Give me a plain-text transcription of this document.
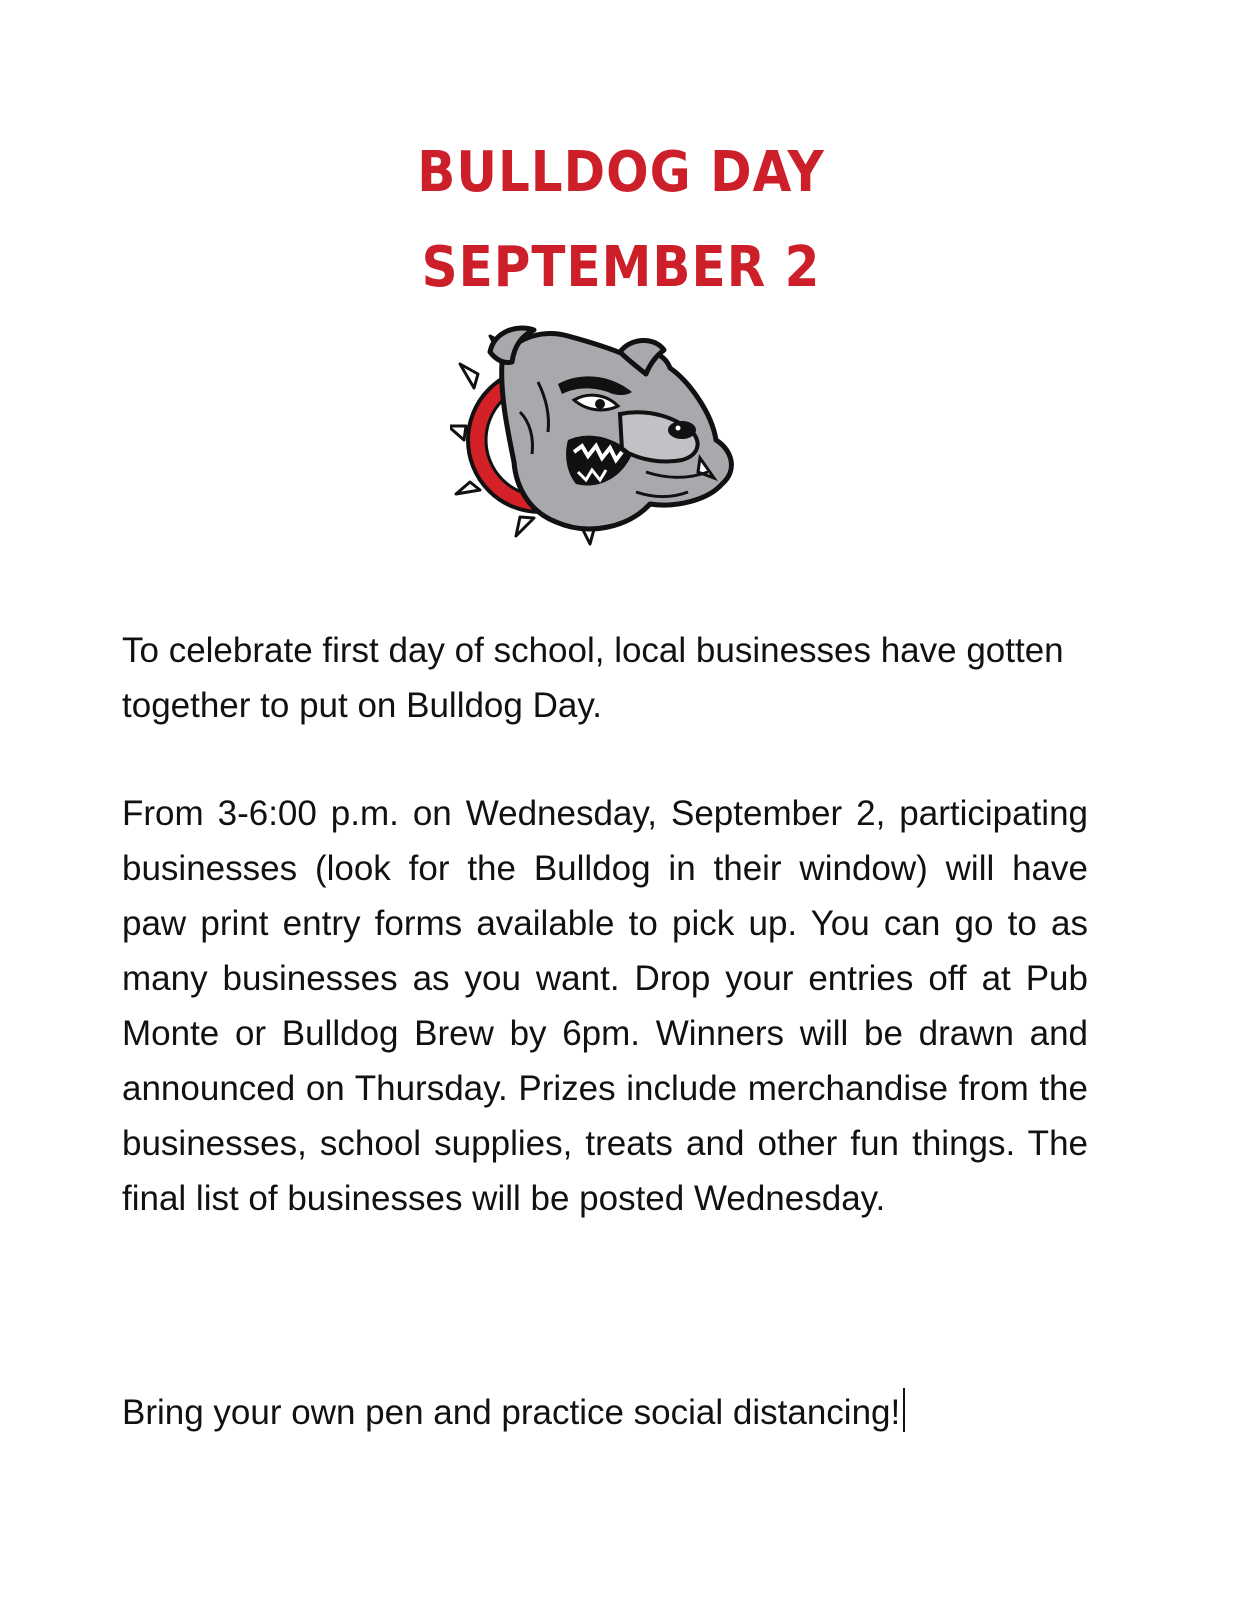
BULLDOG DAY
SEPTEMBER 2
To celebrate first day of school, local businesses have gotten together to put on Bulldog Day.
From 3-6:00 p.m. on Wednesday, September 2, participating businesses (look for the Bulldog in their window) will have paw print entry forms available to pick up. You can go to as many businesses as you want. Drop your entries off at Pub Monte or Bulldog Brew by 6pm. Winners will be drawn and announced on Thursday. Prizes include merchandise from the businesses, school supplies, treats and other fun things. The final list of businesses will be posted Wednesday.
Bring your own pen and practice social distancing!
